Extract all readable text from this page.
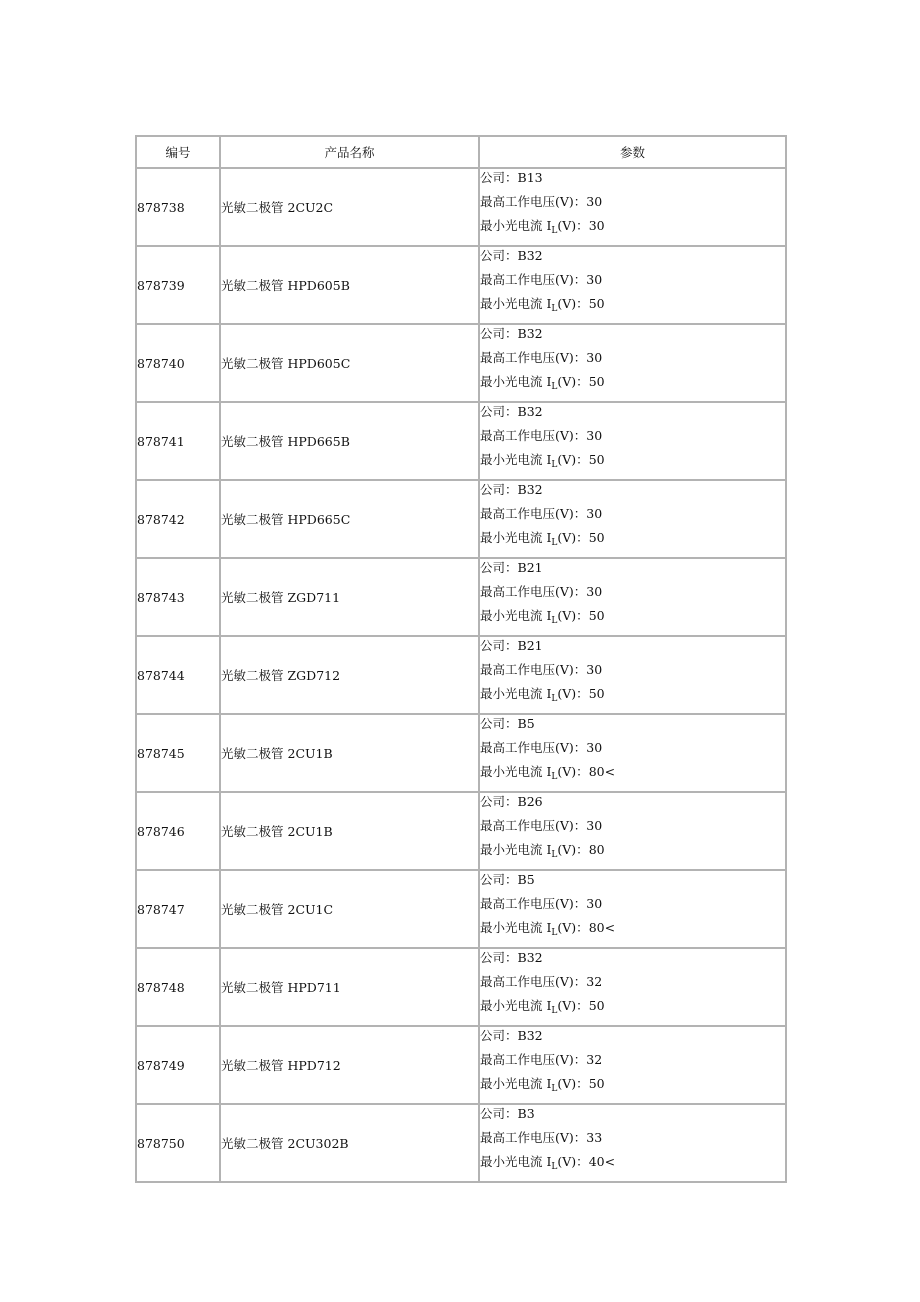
编号	产品名称	参数
878738	光敏二极管 2CU2C	公司：B13
最高工作电压(V)：30
最小光电流 $I_L(V)$：30

878739	光敏二极管 HPD605B	公司：B32
最高工作电压(V)：30
最小光电流 $I_L(V)$：50

878740	光敏二极管 HPD605C	公司：B32
最高工作电压(V)：30
最小光电流 $I_L(V)$：50

878741	光敏二极管 HPD665B	公司：B32
最高工作电压(V)：30
最小光电流 $I_L(V)$：50

878742	光敏二极管 HPD665C	公司：B32
最高工作电压(V)：30
最小光电流 $I_L(V)$：50

878743	光敏二极管 ZGD711	公司：B21
最高工作电压(V)：30
最小光电流 $I_L(V)$：50

878744	光敏二极管 ZGD712	公司：B21
最高工作电压(V)：30
最小光电流 $I_L(V)$：50

878745	光敏二极管 2CU1B	公司：B5
最高工作电压(V)：30
最小光电流 $I_L(V)$：80<

878746	光敏二极管 2CU1B	公司：B26
最高工作电压(V)：30
最小光电流 $I_L(V)$：80

878747	光敏二极管 2CU1C	公司：B5
最高工作电压(V)：30
最小光电流 $I_L(V)$：80<

878748	光敏二极管 HPD711	公司：B32
最高工作电压(V)：32
最小光电流 $I_L(V)$：50

878749	光敏二极管 HPD712	公司：B32
最高工作电压(V)：32
最小光电流 $I_L(V)$：50

878750	光敏二极管 2CU302B	公司：B3
最高工作电压(V)：33
最小光电流 $I_L(V)$：40<
